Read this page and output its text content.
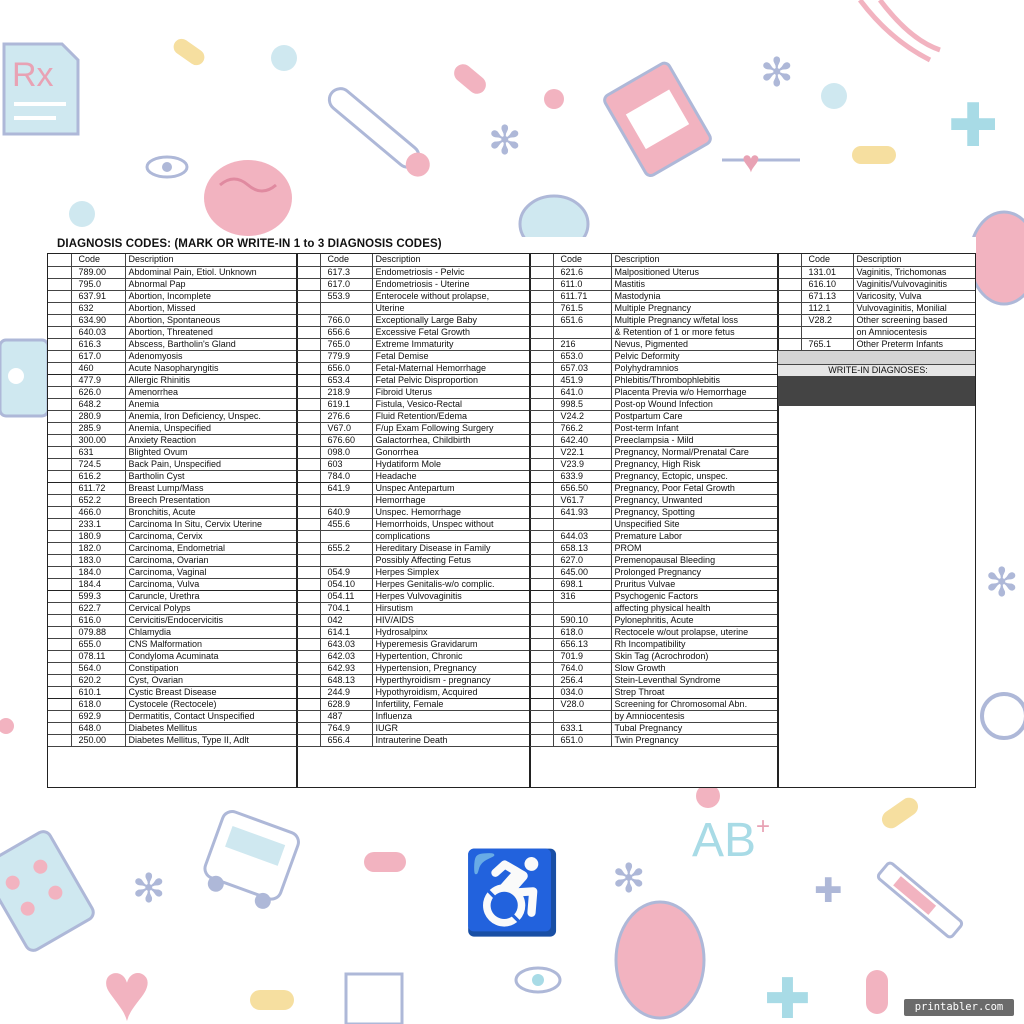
Rx
✻
✻
✚
♥
✻
✻	♿ ✻
AB +
✚
♥	✚
DIAGNOSIS CODES: (MARK OR WRITE-IN 1 to 3 DIAGNOSIS CODES)
	Code	Description
	789.00	Abdominal Pain, Etiol. Unknown
	795.0	Abnormal Pap
	637.91	Abortion, Incomplete
	632	Abortion, Missed
	634.90	Abortion, Spontaneous
	640.03	Abortion, Threatened
	616.3	Abscess, Bartholin's Gland
	617.0	Adenomyosis
	460	Acute Nasopharyngitis
	477.9	Allergic Rhinitis
	626.0	Amenorrhea
	648.2	Anemia
	280.9	Anemia, Iron Deficiency, Unspec.
	285.9	Anemia, Unspecified
	300.00	Anxiety Reaction
	631	Blighted Ovum
	724.5	Back Pain, Unspecified
	616.2	Bartholin Cyst
	611.72	Breast Lump/Mass
	652.2	Breech Presentation
	466.0	Bronchitis, Acute
	233.1	Carcinoma In Situ, Cervix Uterine
	180.9	Carcinoma, Cervix
	182.0	Carcinoma, Endometrial
	183.0	Carcinoma, Ovarian
	184.0	Carcinoma, Vaginal
	184.4	Carcinoma, Vulva
	599.3	Caruncle, Urethra
	622.7	Cervical Polyps
	616.0	Cervicitis/Endocervicitis
	079.88	Chlamydia
	655.0	CNS Malformation
	078.11	Condyloma Acuminata
	564.0	Constipation
	620.2	Cyst, Ovarian
	610.1	Cystic Breast Disease
	618.0	Cystocele (Rectocele)
	692.9	Dermatitis, Contact Unspecified
	648.0	Diabetes Mellitus
	250.00	Diabetes Mellitus, Type II, Adlt
	Code	Description
	617.3	Endometriosis - Pelvic
	617.0	Endometriosis - Uterine
	553.9	Enterocele without prolapse,
		Uterine
	766.0	Exceptionally Large Baby
	656.6	Excessive Fetal Growth
	765.0	Extreme Immaturity
	779.9	Fetal Demise
	656.0	Fetal-Maternal Hemorrhage
	653.4	Fetal Pelvic Disproportion
	218.9	Fibroid Uterus
	619.1	Fistula, Vesico-Rectal
	276.6	Fluid Retention/Edema
	V67.0	F/up Exam Following Surgery
	676.60	Galactorrhea, Childbirth
	098.0	Gonorrhea
	603	Hydatiform Mole
	784.0	Headache
	641.9	Unspec Antepartum
		Hemorrhage
	640.9	Unspec. Hemorrhage
	455.6	Hemorrhoids, Unspec without
		complications
	655.2	Hereditary Disease in Family
		Possibly Affecting Fetus
	054.9	Herpes Simplex
	054.10	Herpes Genitalis-w/o complic.
	054.11	Herpes Vulvovaginitis
	704.1	Hirsutism
	042	HIV/AIDS
	614.1	Hydrosalpinx
	643.03	Hyperemesis Gravidarum
	642.03	Hypertention, Chronic
	642.93	Hypertension, Pregnancy
	648.13	Hyperthyroidism - pregnancy
	244.9	Hypothyroidism, Acquired
	628.9	Infertility, Female
	487	Influenza
	764.9	IUGR
	656.4	Intrauterine Death
	Code	Description
	621.6	Malpositioned Uterus
	611.0	Mastitis
	611.71	Mastodynia
	761.5	Multiple Pregnancy
	651.6	Multiple Pregnancy w/fetal loss
		& Retention of 1 or more fetus
	216	Nevus, Pigmented
	653.0	Pelvic Deformity
	657.03	Polyhydramnios
	451.9	Phlebitis/Thrombophlebitis
	641.0	Placenta Previa w/o Hemorrhage
	998.5	Post-op Wound Infection
	V24.2	Postpartum Care
	766.2	Post-term Infant
	642.40	Preeclampsia - Mild
	V22.1	Pregnancy, Normal/Prenatal Care
	V23.9	Pregnancy, High Risk
	633.9	Pregnancy, Ectopic, unspec.
	656.50	Pregnancy, Poor Fetal Growth
	V61.7	Pregnancy, Unwanted
	641.93	Pregnancy, Spotting
		Unspecified Site
	644.03	Premature Labor
	658.13	PROM
	627.0	Premenopausal Bleeding
	645.00	Prolonged Pregnancy
	698.1	Pruritus Vulvae
	316	Psychogenic Factors
		affecting physical health
	590.10	Pylonephritis, Acute
	618.0	Rectocele w/out prolapse, uterine
	656.13	Rh Incompatibility
	701.9	Skin Tag (Acrochrodon)
	764.0	Slow Growth
	256.4	Stein-Leventhal Syndrome
	034.0	Strep Throat
	V28.0	Screening for Chromosomal Abn.
		by Amniocentesis
	633.1	Tubal Pregnancy
	651.0	Twin Pregnancy
	Code	Description
	131.01	Vaginitis, Trichomonas
	616.10	Vaginitis/Vulvovaginitis
	671.13	Varicosity, Vulva
	112.1	Vulvovaginitis, Monilial
	V28.2	Other screening based
		on Amniocentesis
	765.1	Other Preterm Infants

WRITE-IN DIAGNOSES:		

printabler.com
